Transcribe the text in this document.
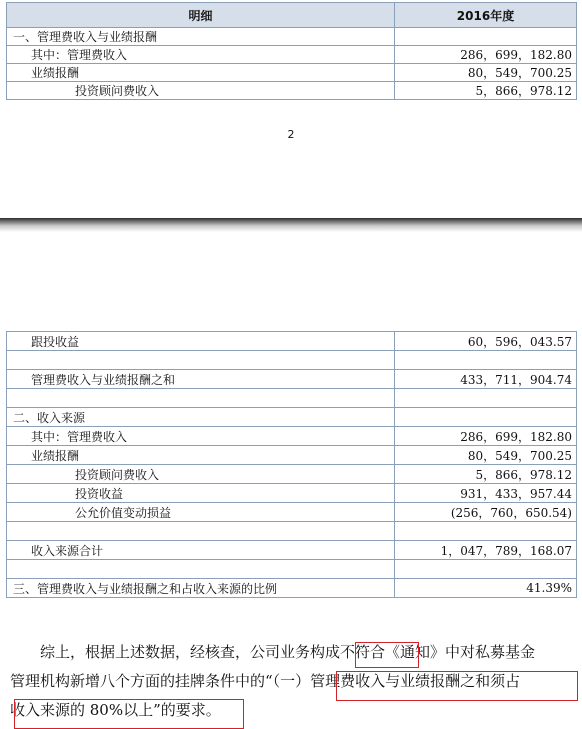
明细	2016年度
一、管理费收入与业绩报酬	
其中：管理费收入	286，699，182.80
业绩报酬	80，549，700.25
投资顾问费收入	5，866，978.12
2
跟投收益	60，596，043.57

管理费收入与业绩报酬之和	433，711，904.74

二、收入来源	
其中：管理费收入	286，699，182.80
业绩报酬	80，549，700.25
投资顾问费收入	5，866，978.12
投资收益	931，433，957.44
公允价值变动损益	(256，760，650.54)

收入来源合计	1，047，789，168.07

三、管理费收入与业绩报酬之和占收入来源的比例	41.39%
综上，根据上述数据，经核查，公司业务构成不符合《通知》中对私募基金
管理机构新增八个方面的挂牌条件中的“（一）管理费收入与业绩报酬之和须占
收入来源的 80%以上”的要求。
